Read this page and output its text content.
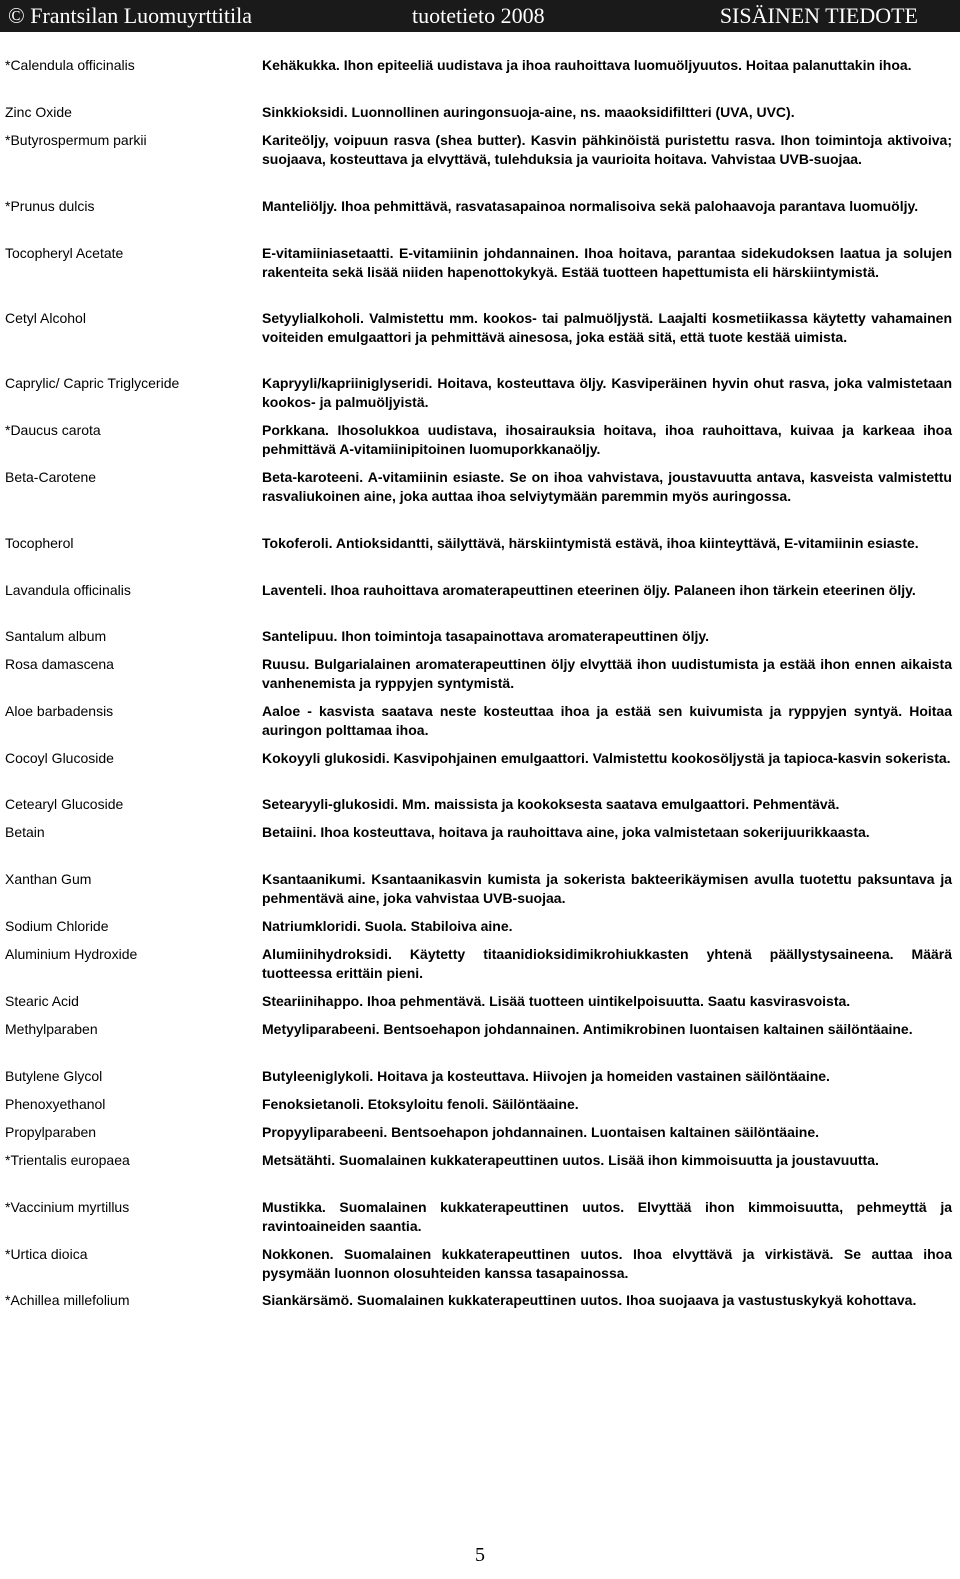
© Frantsilan Luomuyrttitila	tuotetieto 2008	SISÄINEN TIEDOTE
*Calendula officinalis	Kehäkukka. Ihon epiteeliä uudistava ja ihoa rauhoittava luomuöljyuutos. Hoitaa palanuttakin ihoa.
Zinc Oxide	Sinkkioksidi. Luonnollinen auringonsuoja-aine, ns. maaoksidifiltteri (UVA, UVC).
*Butyrospermum parkii	Kariteöljy, voipuun rasva (shea butter). Kasvin pähkinöistä puristettu rasva. Ihon toimintoja aktivoiva; suojaava, kosteuttava ja elvyttävä, tulehduksia ja vaurioita hoitava. Vahvistaa UVB-suojaa.
*Prunus dulcis	Manteliöljy. Ihoa pehmittävä, rasvatasapainoa normalisoiva sekä palohaavoja parantava luomuöljy.
Tocopheryl Acetate	E-vitamiiniasetaatti. E-vitamiinin johdannainen. Ihoa hoitava, parantaa sidekudoksen laatua ja solujen rakenteita sekä lisää niiden hapenottokykyä. Estää tuotteen hapettumista eli härskiintymistä.
Cetyl Alcohol	Setyylialkoholi. Valmistettu mm. kookos- tai palmuöljystä. Laajalti kosmetiikassa käytetty vahamainen voiteiden emulgaattori ja pehmittävä ainesosa, joka estää sitä, että tuote kestää uimista.
Caprylic/ Capric Triglyceride	Kapryyli/kapriiniglyseridi. Hoitava, kosteuttava öljy. Kasviperäinen hyvin ohut rasva, joka valmistetaan kookos- ja palmuöljyistä.
*Daucus carota	Porkkana. Ihosolukkoa uudistava, ihosairauksia hoitava, ihoa rauhoittava, kuivaa ja karkeaa ihoa pehmittävä A-vitamiinipitoinen luomuporkkanaöljy.
Beta-Carotene	Beta-karoteeni. A-vitamiinin esiaste. Se on ihoa vahvistava, joustavuutta antava, kasveista valmistettu rasvaliukoinen aine, joka auttaa ihoa selviytymään paremmin myös auringossa.
Tocopherol	Tokoferoli. Antioksidantti, säilyttävä, härskiintymistä estävä, ihoa kiinteyttävä, E-vitamiinin esiaste.
Lavandula officinalis	Laventeli. Ihoa rauhoittava aromaterapeuttinen eteerinen öljy. Palaneen ihon tärkein eteerinen öljy.
Santalum album	Santelipuu. Ihon toimintoja tasapainottava aromaterapeuttinen öljy.
Rosa damascena	Ruusu. Bulgarialainen aromaterapeuttinen öljy elvyttää ihon uudistumista ja estää ihon ennen aikaista vanhenemista ja ryppyjen syntymistä.
Aloe barbadensis	Aaloe - kasvista saatava neste kosteuttaa ihoa ja estää sen kuivumista ja ryppyjen syntyä. Hoitaa auringon polttamaa ihoa.
Cocoyl Glucoside	Kokoyyli glukosidi. Kasvipohjainen emulgaattori. Valmistettu kookosöljystä ja tapioca-kasvin sokerista.
Cetearyl Glucoside	Setearyyli-glukosidi. Mm. maissista ja kookoksesta saatava emulgaattori. Pehmentävä.
Betain	Betaiini. Ihoa kosteuttava, hoitava ja rauhoittava aine, joka valmistetaan sokerijuurikkaasta.
Xanthan Gum	Ksantaanikumi. Ksantaanikasvin kumista ja sokerista bakteerikäymisen avulla tuotettu paksuntava ja pehmentävä aine, joka vahvistaa UVB-suojaa.
Sodium Chloride	Natriumkloridi. Suola. Stabiloiva aine.
Aluminium Hydroxide	Alumiinihydroksidi. Käytetty titaanidioksidimikrohiukkasten yhtenä päällystysaineena. Määrä tuotteessa erittäin pieni.
Stearic Acid	Steariinihappo. Ihoa pehmentävä. Lisää tuotteen uintikelpoisuutta. Saatu kasvirasvoista.
Methylparaben	Metyyliparabeeni. Bentsoehapon johdannainen. Antimikrobinen luontaisen kaltainen säilöntäaine.
Butylene Glycol	Butyleeniglykoli. Hoitava ja kosteuttava. Hiivojen ja homeiden vastainen säilöntäaine.
Phenoxyethanol	Fenoksietanoli. Etoksyloitu fenoli. Säilöntäaine.
Propylparaben	Propyyliparabeeni. Bentsoehapon johdannainen. Luontaisen kaltainen säilöntäaine.
*Trientalis europaea	Metsätähti. Suomalainen kukkaterapeuttinen uutos. Lisää ihon kimmoisuutta ja joustavuutta.
*Vaccinium myrtillus	Mustikka. Suomalainen kukkaterapeuttinen uutos. Elvyttää ihon kimmoisuutta, pehmeyttä ja ravintoaineiden saantia.
*Urtica dioica	Nokkonen. Suomalainen kukkaterapeuttinen uutos. Ihoa elvyttävä ja virkistävä. Se auttaa ihoa pysymään luonnon olosuhteiden kanssa tasapainossa.
*Achillea millefolium	Siankärsämö. Suomalainen kukkaterapeuttinen uutos. Ihoa suojaava ja vastustuskykyä kohottava.
5
